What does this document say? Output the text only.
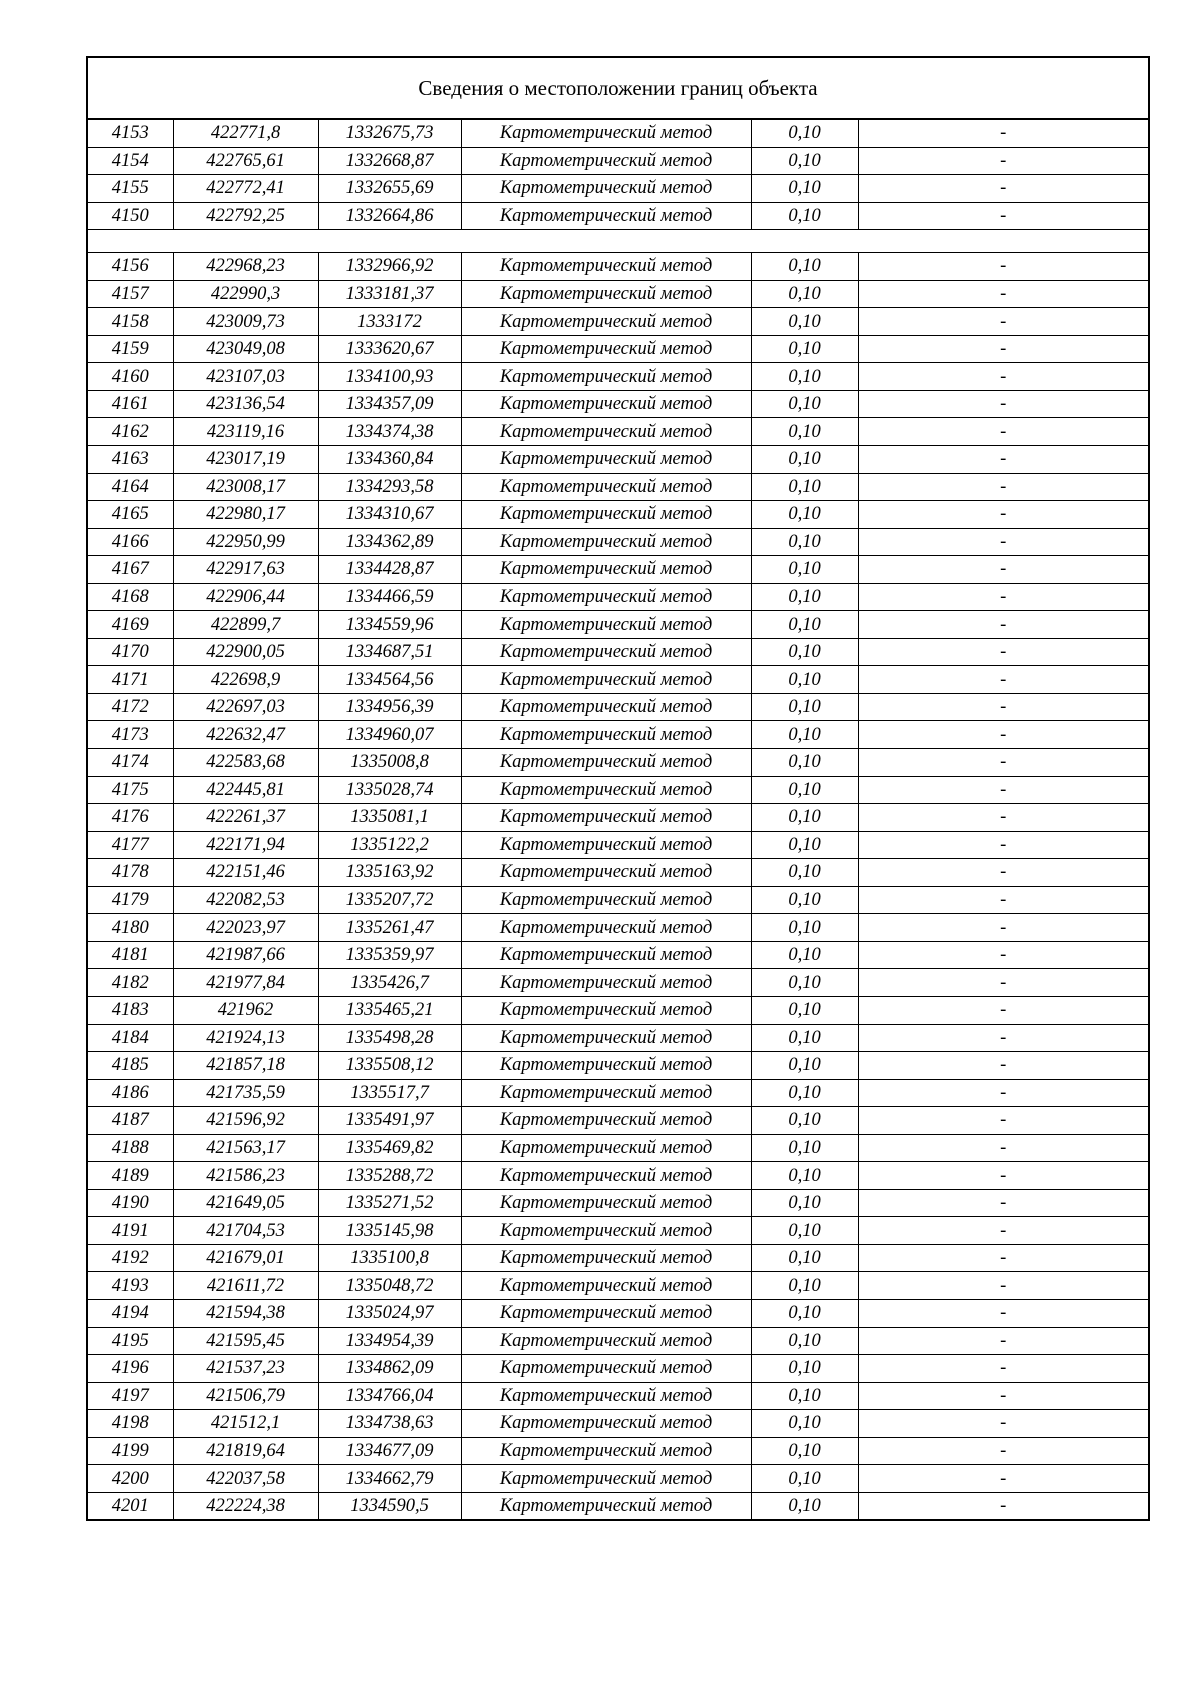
Сведения о местоположении границ объекта
4153	422771,8	1332675,73	Картометрический метод	0,10	-
4154	422765,61	1332668,87	Картометрический метод	0,10	-
4155	422772,41	1332655,69	Картометрический метод	0,10	-
4150	422792,25	1332664,86	Картометрический метод	0,10	-

4156	422968,23	1332966,92	Картометрический метод	0,10	-
4157	422990,3	1333181,37	Картометрический метод	0,10	-
4158	423009,73	1333172	Картометрический метод	0,10	-
4159	423049,08	1333620,67	Картометрический метод	0,10	-
4160	423107,03	1334100,93	Картометрический метод	0,10	-
4161	423136,54	1334357,09	Картометрический метод	0,10	-
4162	423119,16	1334374,38	Картометрический метод	0,10	-
4163	423017,19	1334360,84	Картометрический метод	0,10	-
4164	423008,17	1334293,58	Картометрический метод	0,10	-
4165	422980,17	1334310,67	Картометрический метод	0,10	-
4166	422950,99	1334362,89	Картометрический метод	0,10	-
4167	422917,63	1334428,87	Картометрический метод	0,10	-
4168	422906,44	1334466,59	Картометрический метод	0,10	-
4169	422899,7	1334559,96	Картометрический метод	0,10	-
4170	422900,05	1334687,51	Картометрический метод	0,10	-
4171	422698,9	1334564,56	Картометрический метод	0,10	-
4172	422697,03	1334956,39	Картометрический метод	0,10	-
4173	422632,47	1334960,07	Картометрический метод	0,10	-
4174	422583,68	1335008,8	Картометрический метод	0,10	-
4175	422445,81	1335028,74	Картометрический метод	0,10	-
4176	422261,37	1335081,1	Картометрический метод	0,10	-
4177	422171,94	1335122,2	Картометрический метод	0,10	-
4178	422151,46	1335163,92	Картометрический метод	0,10	-
4179	422082,53	1335207,72	Картометрический метод	0,10	-
4180	422023,97	1335261,47	Картометрический метод	0,10	-
4181	421987,66	1335359,97	Картометрический метод	0,10	-
4182	421977,84	1335426,7	Картометрический метод	0,10	-
4183	421962	1335465,21	Картометрический метод	0,10	-
4184	421924,13	1335498,28	Картометрический метод	0,10	-
4185	421857,18	1335508,12	Картометрический метод	0,10	-
4186	421735,59	1335517,7	Картометрический метод	0,10	-
4187	421596,92	1335491,97	Картометрический метод	0,10	-
4188	421563,17	1335469,82	Картометрический метод	0,10	-
4189	421586,23	1335288,72	Картометрический метод	0,10	-
4190	421649,05	1335271,52	Картометрический метод	0,10	-
4191	421704,53	1335145,98	Картометрический метод	0,10	-
4192	421679,01	1335100,8	Картометрический метод	0,10	-
4193	421611,72	1335048,72	Картометрический метод	0,10	-
4194	421594,38	1335024,97	Картометрический метод	0,10	-
4195	421595,45	1334954,39	Картометрический метод	0,10	-
4196	421537,23	1334862,09	Картометрический метод	0,10	-
4197	421506,79	1334766,04	Картометрический метод	0,10	-
4198	421512,1	1334738,63	Картометрический метод	0,10	-
4199	421819,64	1334677,09	Картометрический метод	0,10	-
4200	422037,58	1334662,79	Картометрический метод	0,10	-
4201	422224,38	1334590,5	Картометрический метод	0,10	-
